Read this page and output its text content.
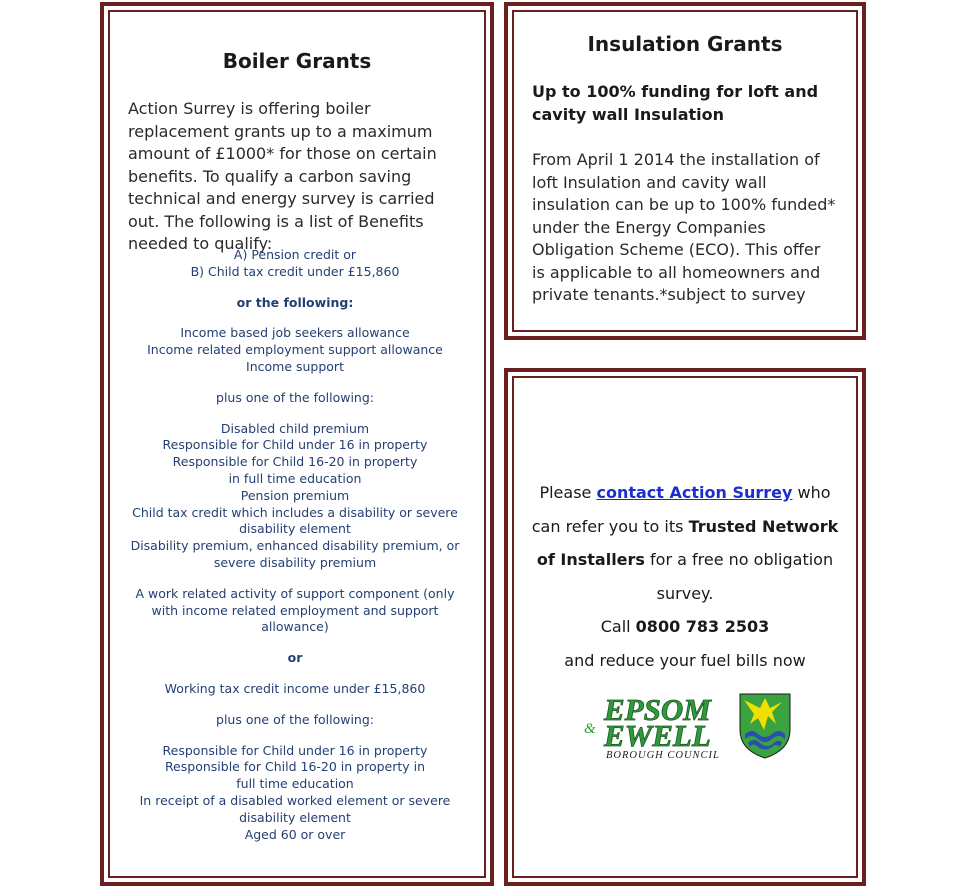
Boiler Grants
Action Surrey is offering boiler replacement grants up to a maximum amount of £1000* for those on certain benefits. To qualify a carbon saving technical and energy survey is carried out. The following is a list of Benefits needed to qualify:
A) Pension credit or
B) Child tax credit under £15,860
or the following:
Income based job seekers allowance
Income related employment support allowance
Income support
plus one of the following:
Disabled child premium
Responsible for Child under 16 in property
Responsible for Child 16-20 in property
in full time education
Pension premium
Child tax credit which includes a disability or severe
disability element
Disability premium, enhanced disability premium, or
severe disability premium
A work related activity of support component (only
with income related employment and support
allowance)
or
Working tax credit income under £15,860
plus one of the following:
Responsible for Child under 16 in property
Responsible for Child 16-20 in property in
full time education
In receipt of a disabled worked element or severe
disability element
Aged 60 or over
Insulation Grants
Up to 100% funding for loft and cavity wall Insulation
From April 1 2014 the installation of loft Insulation and cavity wall insulation can be up to 100% funded* under the Energy Companies Obligation Scheme (ECO). This offer is applicable to all homeowners and private tenants.*subject to survey
Please contact Action Surrey who can refer you to its Trusted Network of Installers for a free no obligation survey.
Call 0800 783 2503
and reduce your fuel bills now
EPSOM
& EWELL
BOROUGH COUNCIL
